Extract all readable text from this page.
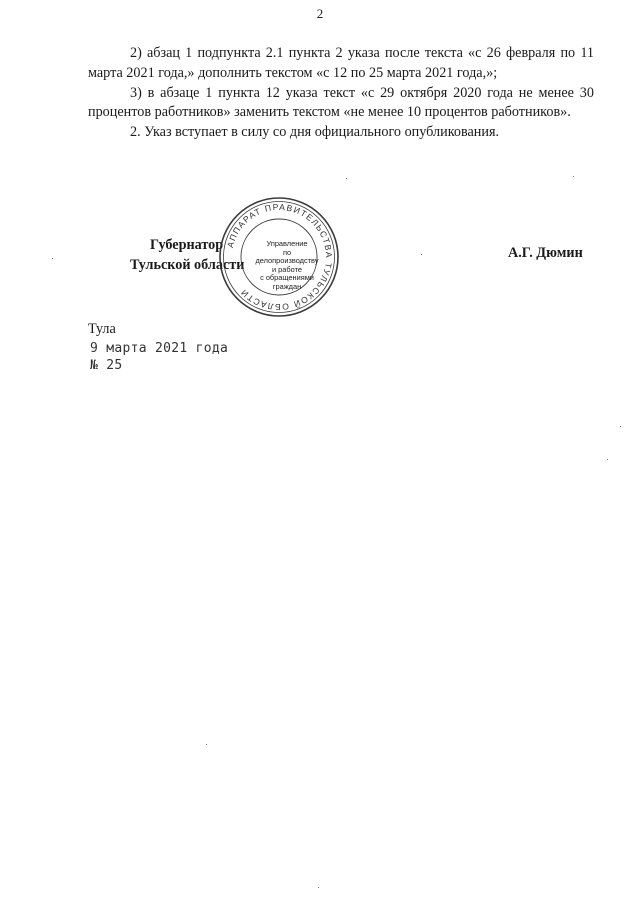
2

2) абзац 1 подпункта 2.1 пункта 2 указа после текста «с 26 февраля по 11 марта 2021 года,» дополнить текстом «с 12 по 25 марта 2021 года,»;

3) в абзаце 1 пункта 12 указа текст «с 29 октября 2020 года не менее 30 процентов работников» заменить текстом «не менее 10 процентов работников».

2. Указ вступает в силу со дня официального опубликования.

Губернатор
Тульской области
АППАРАТ ПРАВИТЕЛЬСТВА ТУЛЬСКОЙ ОБЛАСТИ
Управление
по делопроизводству
и работе
с обращениями
граждан
А.Г. Дюмин
Тула
9 марта 2021 года
№ 25
